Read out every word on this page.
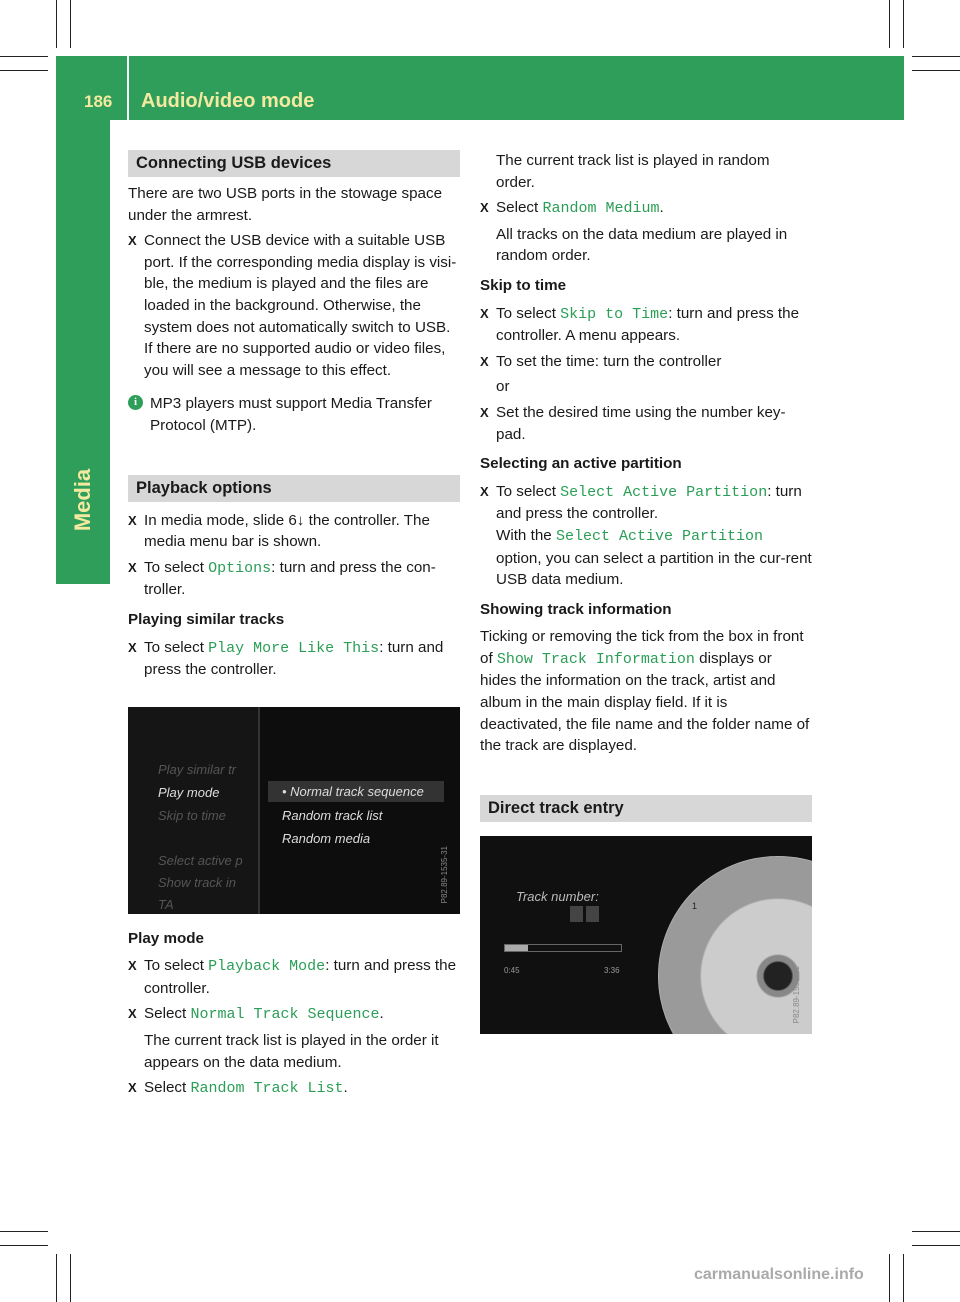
186 Audio/video mode
Media
Connecting USB devices

There are two USB ports in the stowage space under the armrest.

X Connect the USB device with a suitable USB port. If the corresponding media display is visi-ble, the medium is played and the files are loaded in the background. Otherwise, the system does not automatically switch to USB. If there are no supported audio or video files, you will see a message to this effect.
i MP3 players must support Media Transfer Protocol (MTP).
Playback options
X In media mode, slide 6↓ the controller. The media menu bar is shown.
X To select Options: turn and press the con-troller.
Playing similar tracks
X To select Play More Like This: turn and press the controller.
Play similar tr
Play mode
Skip to time
Select active p
Show track in
TA
• Normal track sequence
Random track list
Random media
P82.89-1535-31
Play mode
X To select Playback Mode: turn and press the controller.
X Select Normal Track Sequence.

The current track list is played in the order it appears on the data medium.

X Select Random Track List.

The current track list is played in random order.

X Select Random Medium.

All tracks on the data medium are played in random order.

Skip to time
X To select Skip to Time: turn and press the controller. A menu appears.
X To set the time: turn the controller

or

X Set the desired time using the number key-pad.
Selecting an active partition
X To select Select Active Partition: turn and press the controller.
With the Select Active Partition option, you can select a partition in the cur-rent USB data medium.
Showing track information

Ticking or removing the tick from the box in front of Show Track Information displays or hides the information on the track, artist and album in the main display field. If it is deactivated, the file name and the folder name of the track are displayed.

Direct track entry
Track number:
0:45	3:36
1
P82.89-1591-31
carmanualsonline.info
